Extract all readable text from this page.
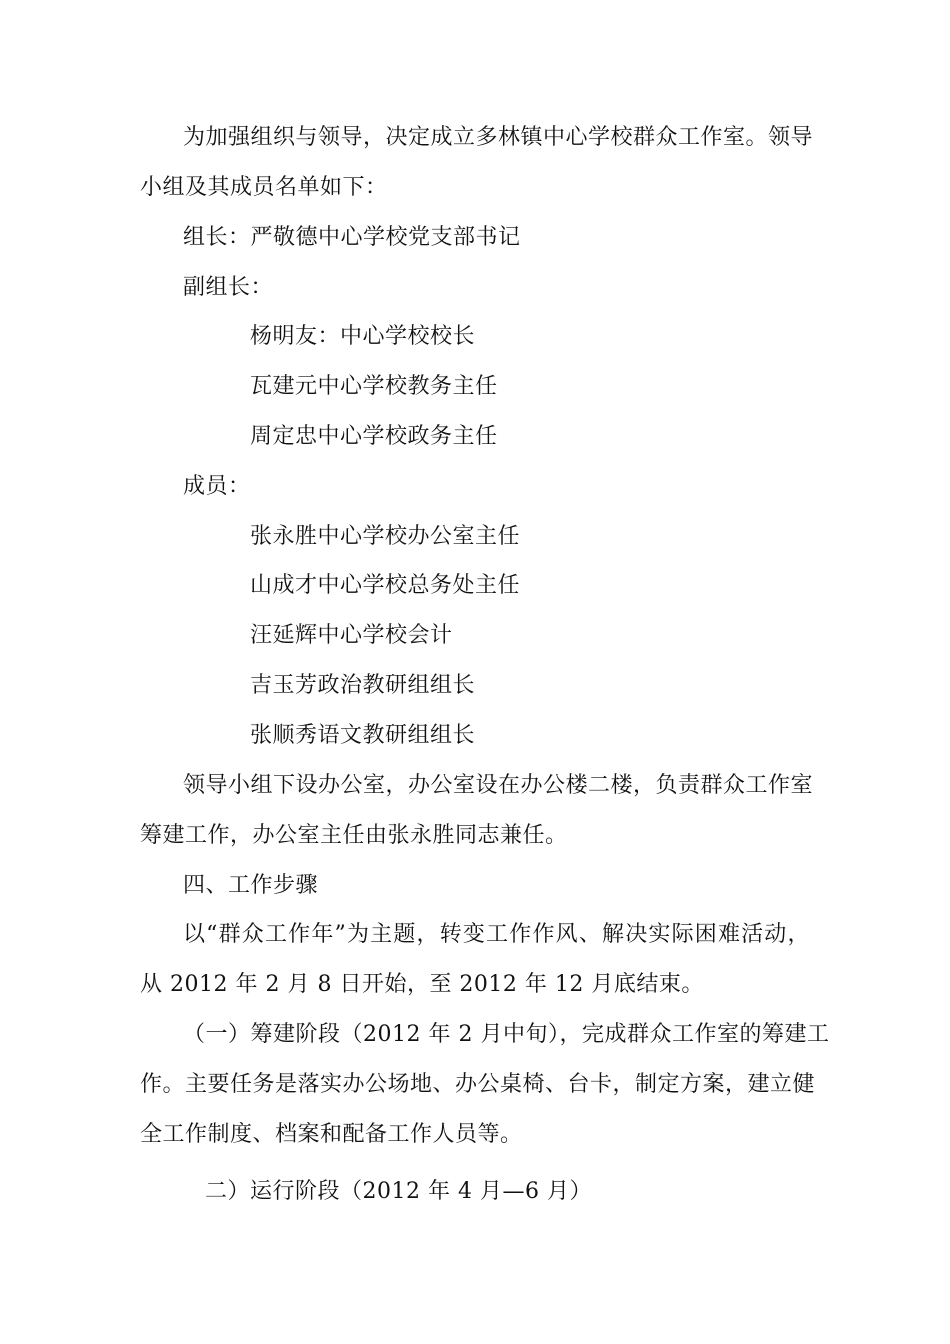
为加强组织与领导，决定成立多林镇中心学校群众工作室。领导
小组及其成员名单如下：
组长：严敬德中心学校党支部书记
副组长：
杨明友：中心学校校长
瓦建元中心学校教务主任
周定忠中心学校政务主任
成员：
张永胜中心学校办公室主任
山成才中心学校总务处主任
汪延辉中心学校会计
吉玉芳政治教研组组长
张顺秀语文教研组组长
领导小组下设办公室，办公室设在办公楼二楼，负责群众工作室
筹建工作，办公室主任由张永胜同志兼任。
四、工作步骤
以“群众工作年”为主题，转变工作作风、解决实际困难活动，
从 2012 年 2 月 8 日开始，至 2012 年 12 月底结束。
（一）筹建阶段（2012 年 2 月中旬），完成群众工作室的筹建工
作。主要任务是落实办公场地、办公桌椅、台卡，制定方案，建立健
全工作制度、档案和配备工作人员等。
二）运行阶段（2012 年 4 月—6 月）
